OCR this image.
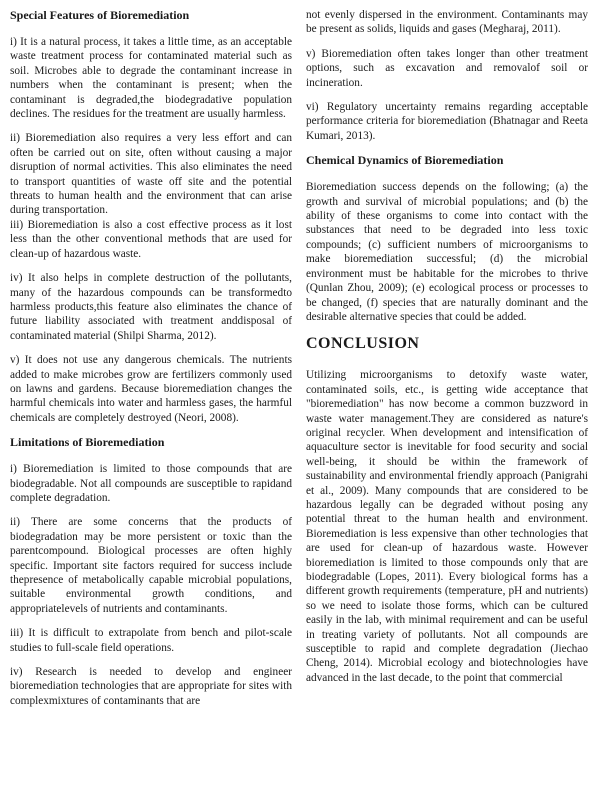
Special Features of Bioremediation

i) It is a natural process, it takes a little time, as an acceptable waste treatment process for contaminated material such as soil. Microbes able to degrade the contaminant increase in numbers when the contaminant is present; when the contaminant is degraded,the biodegradative population declines. The residues for the treatment are usually harmless.

ii) Bioremediation also requires a very less effort and can often be carried out on site, often without causing a major disruption of normal activities. This also eliminates the need to transport quantities of waste off site and the potential threats to human health and the environment that can arise during transportation.

iii) Bioremediation is also a cost effective process as it lost less than the other conventional methods that are used for clean-up of hazardous waste.

iv) It also helps in complete destruction of the pollutants, many of the hazardous compounds can be transformedto harmless products,this feature also eliminates the chance of future liability associated with treatment anddisposal of contaminated material (Shilpi Sharma, 2012).

v) It does not use any dangerous chemicals. The nutrients added to make microbes grow are fertilizers commonly used on lawns and gardens. Because bioremediation changes the harmful chemicals into water and harmless gases, the harmful chemicals are completely destroyed (Neori, 2008).

Limitations of Bioremediation

i) Bioremediation is limited to those compounds that are biodegradable. Not all compounds are susceptible to rapidand complete degradation.

ii) There are some concerns that the products of biodegradation may be more persistent or toxic than the parentcompound. Biological processes are often highly specific. Important site factors required for success include thepresence of metabolically capable microbial populations, suitable environmental growth conditions, and appropriatelevels of nutrients and contaminants.

iii) It is difficult to extrapolate from bench and pilot-scale studies to full-scale field operations.

iv) Research is needed to develop and engineer bioremediation technologies that are appropriate for sites with complexmixtures of contaminants that are

not evenly dispersed in the environment. Contaminants may be present as solids, liquids and gases (Megharaj, 2011).

v) Bioremediation often takes longer than other treatment options, such as excavation and removalof soil or incineration.

vi) Regulatory uncertainty remains regarding acceptable performance criteria for bioremediation (Bhatnagar and Reeta Kumari, 2013).

Chemical Dynamics of Bioremediation

Bioremediation success depends on the following; (a) the growth and survival of microbial populations; and (b) the ability of these organisms to come into contact with the substances that need to be degraded into less toxic compounds; (c) sufficient numbers of microorganisms to make bioremediation successful; (d) the microbial environment must be habitable for the microbes to thrive (Qunlan Zhou, 2009); (e) ecological process or processes to be changed, (f) species that are naturally dominant and the desirable alternative species that could be added.

CONCLUSION

Utilizing microorganisms to detoxify waste water, contaminated soils, etc., is getting wide acceptance that "bioremediation" has now become a common buzzword in waste water management.They are considered as nature's original recycler. When development and intensification of aquaculture sector is inevitable for food security and social well-being, it should be within the framework of sustainability and environmental friendly approach (Panigrahi et al., 2009). Many compounds that are considered to be hazardous legally can be degraded without posing any potential threat to the human health and environment. Bioremediation is less expensive than other technologies that are used for clean-up of hazardous waste. However bioremediation is limited to those compounds only that are biodegradable (Lopes, 2011). Every biological forms has a different growth requirements (temperature, pH and nutrients) so we need to isolate those forms, which can be cultured easily in the lab, with minimal requirement and can be useful in treating variety of pollutants. Not all compounds are susceptible to rapid and complete degradation (Jiechao Cheng, 2014). Microbial ecology and biotechnologies have advanced in the last decade, to the point that commercial
